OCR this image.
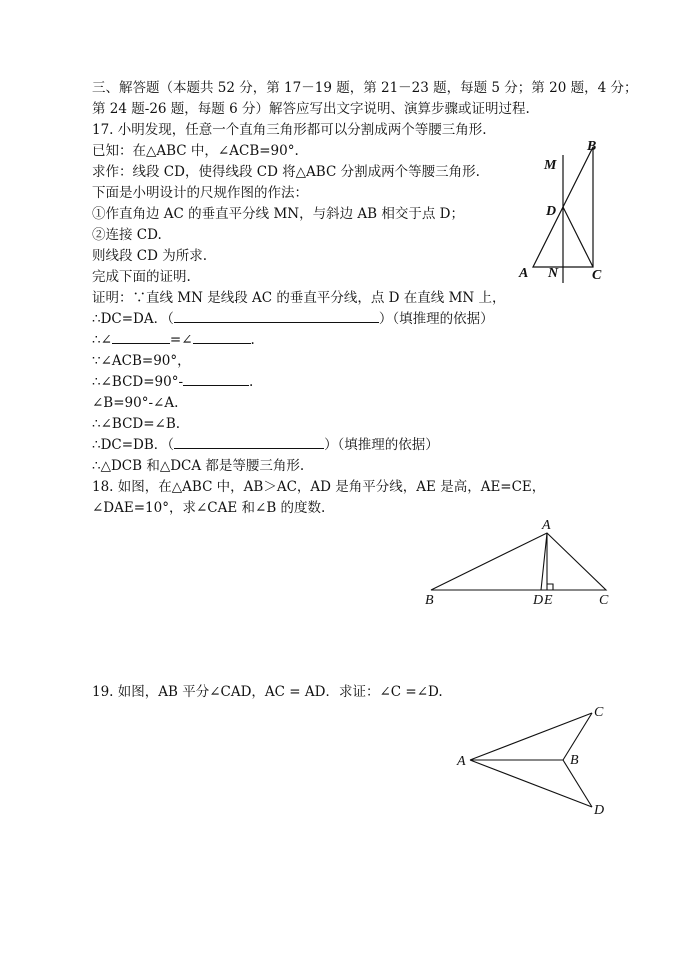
三、解答题（本题共 52 分，第 17－19 题，第 21－23 题，每题 5 分；第 20 题，4 分；
第 24 题-26 题，每题 6 分）解答应写出文字说明、演算步骤或证明过程.
17. 小明发现，任意一个直角三角形都可以分割成两个等腰三角形.
已知：在△ABC 中，∠ACB=90°.
求作：线段 CD，使得线段 CD 将△ABC 分割成两个等腰三角形.
下面是小明设计的尺规作图的作法：
①作直角边 AC 的垂直平分线 MN，与斜边 AB 相交于点 D；
②连接 CD.
则线段 CD 为所求.
完成下面的证明.
证明：∵直线 MN 是线段 AC 的垂直平分线，点 D 在直线 MN 上，
∴DC=DA．（	）（填推理的依据）
∴∠	=∠	.
∵∠ACB=90°，
∴∠BCD=90°-	.
∠B=90°-∠A.
∴∠BCD=∠B.
∴DC=DB．（	）（填推理的依据）
∴△DCB 和△DCA 都是等腰三角形.
M
B
D
A N C
18. 如图，在△ABC 中，AB＞AC，AD 是角平分线，AE 是高，AE=CE，
∠DAE=10°，求∠CAE 和∠B 的度数.
A
B	D E	C
19. 如图，AB 平分∠CAD，AC = AD．求证：∠C =∠D.
A	B
C
D
